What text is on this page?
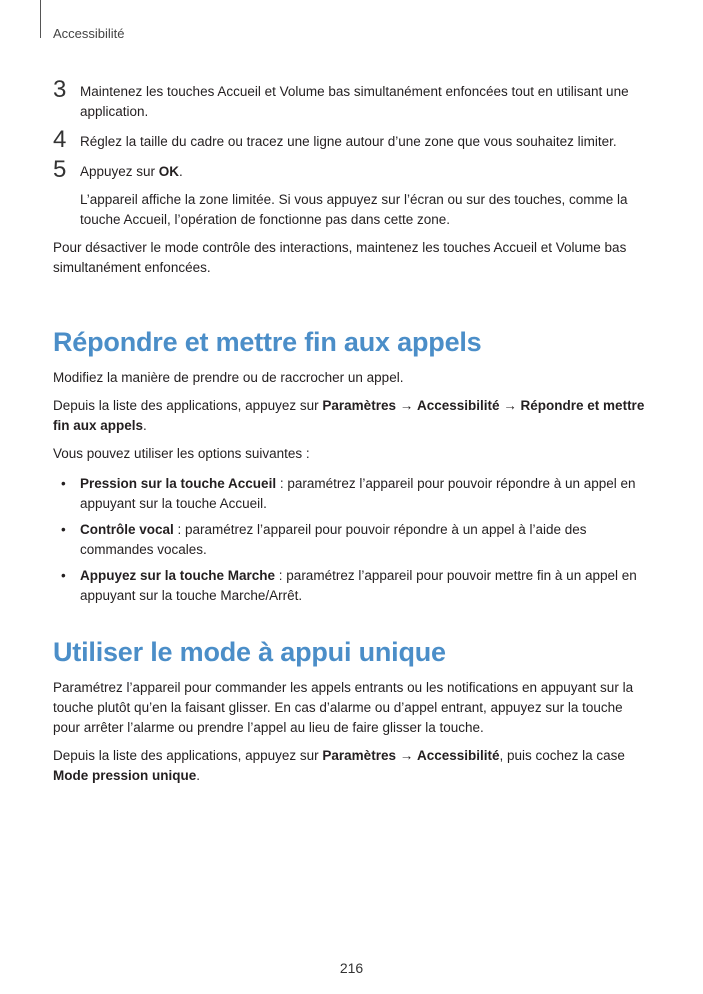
Accessibilité
3 Maintenez les touches Accueil et Volume bas simultanément enfoncées tout en utilisant une application.

4 Réglez la taille du cadre ou tracez une ligne autour d’une zone que vous souhaitez limiter.

5 Appuyez sur OK.

L’appareil affiche la zone limitée. Si vous appuyez sur l’écran ou sur des touches, comme la touche Accueil, l’opération de fonctionne pas dans cette zone.

Pour désactiver le mode contrôle des interactions, maintenez les touches Accueil et Volume bas simultanément enfoncées.

Répondre et mettre fin aux appels

Modifiez la manière de prendre ou de raccrocher un appel.

Depuis la liste des applications, appuyez sur Paramètres → Accessibilité → Répondre et mettre fin aux appels.

Vous pouvez utiliser les options suivantes :

• Pression sur la touche Accueil : paramétrez l’appareil pour pouvoir répondre à un appel en appuyant sur la touche Accueil.
• Contrôle vocal : paramétrez l’appareil pour pouvoir répondre à un appel à l’aide des commandes vocales.
• Appuyez sur la touche Marche : paramétrez l’appareil pour pouvoir mettre fin à un appel en appuyant sur la touche Marche/Arrêt.
Utiliser le mode à appui unique

Paramétrez l’appareil pour commander les appels entrants ou les notifications en appuyant sur la touche plutôt qu’en la faisant glisser. En cas d’alarme ou d’appel entrant, appuyez sur la touche pour arrêter l’alarme ou prendre l’appel au lieu de faire glisser la touche.

Depuis la liste des applications, appuyez sur Paramètres → Accessibilité, puis cochez la case Mode pression unique.

216
